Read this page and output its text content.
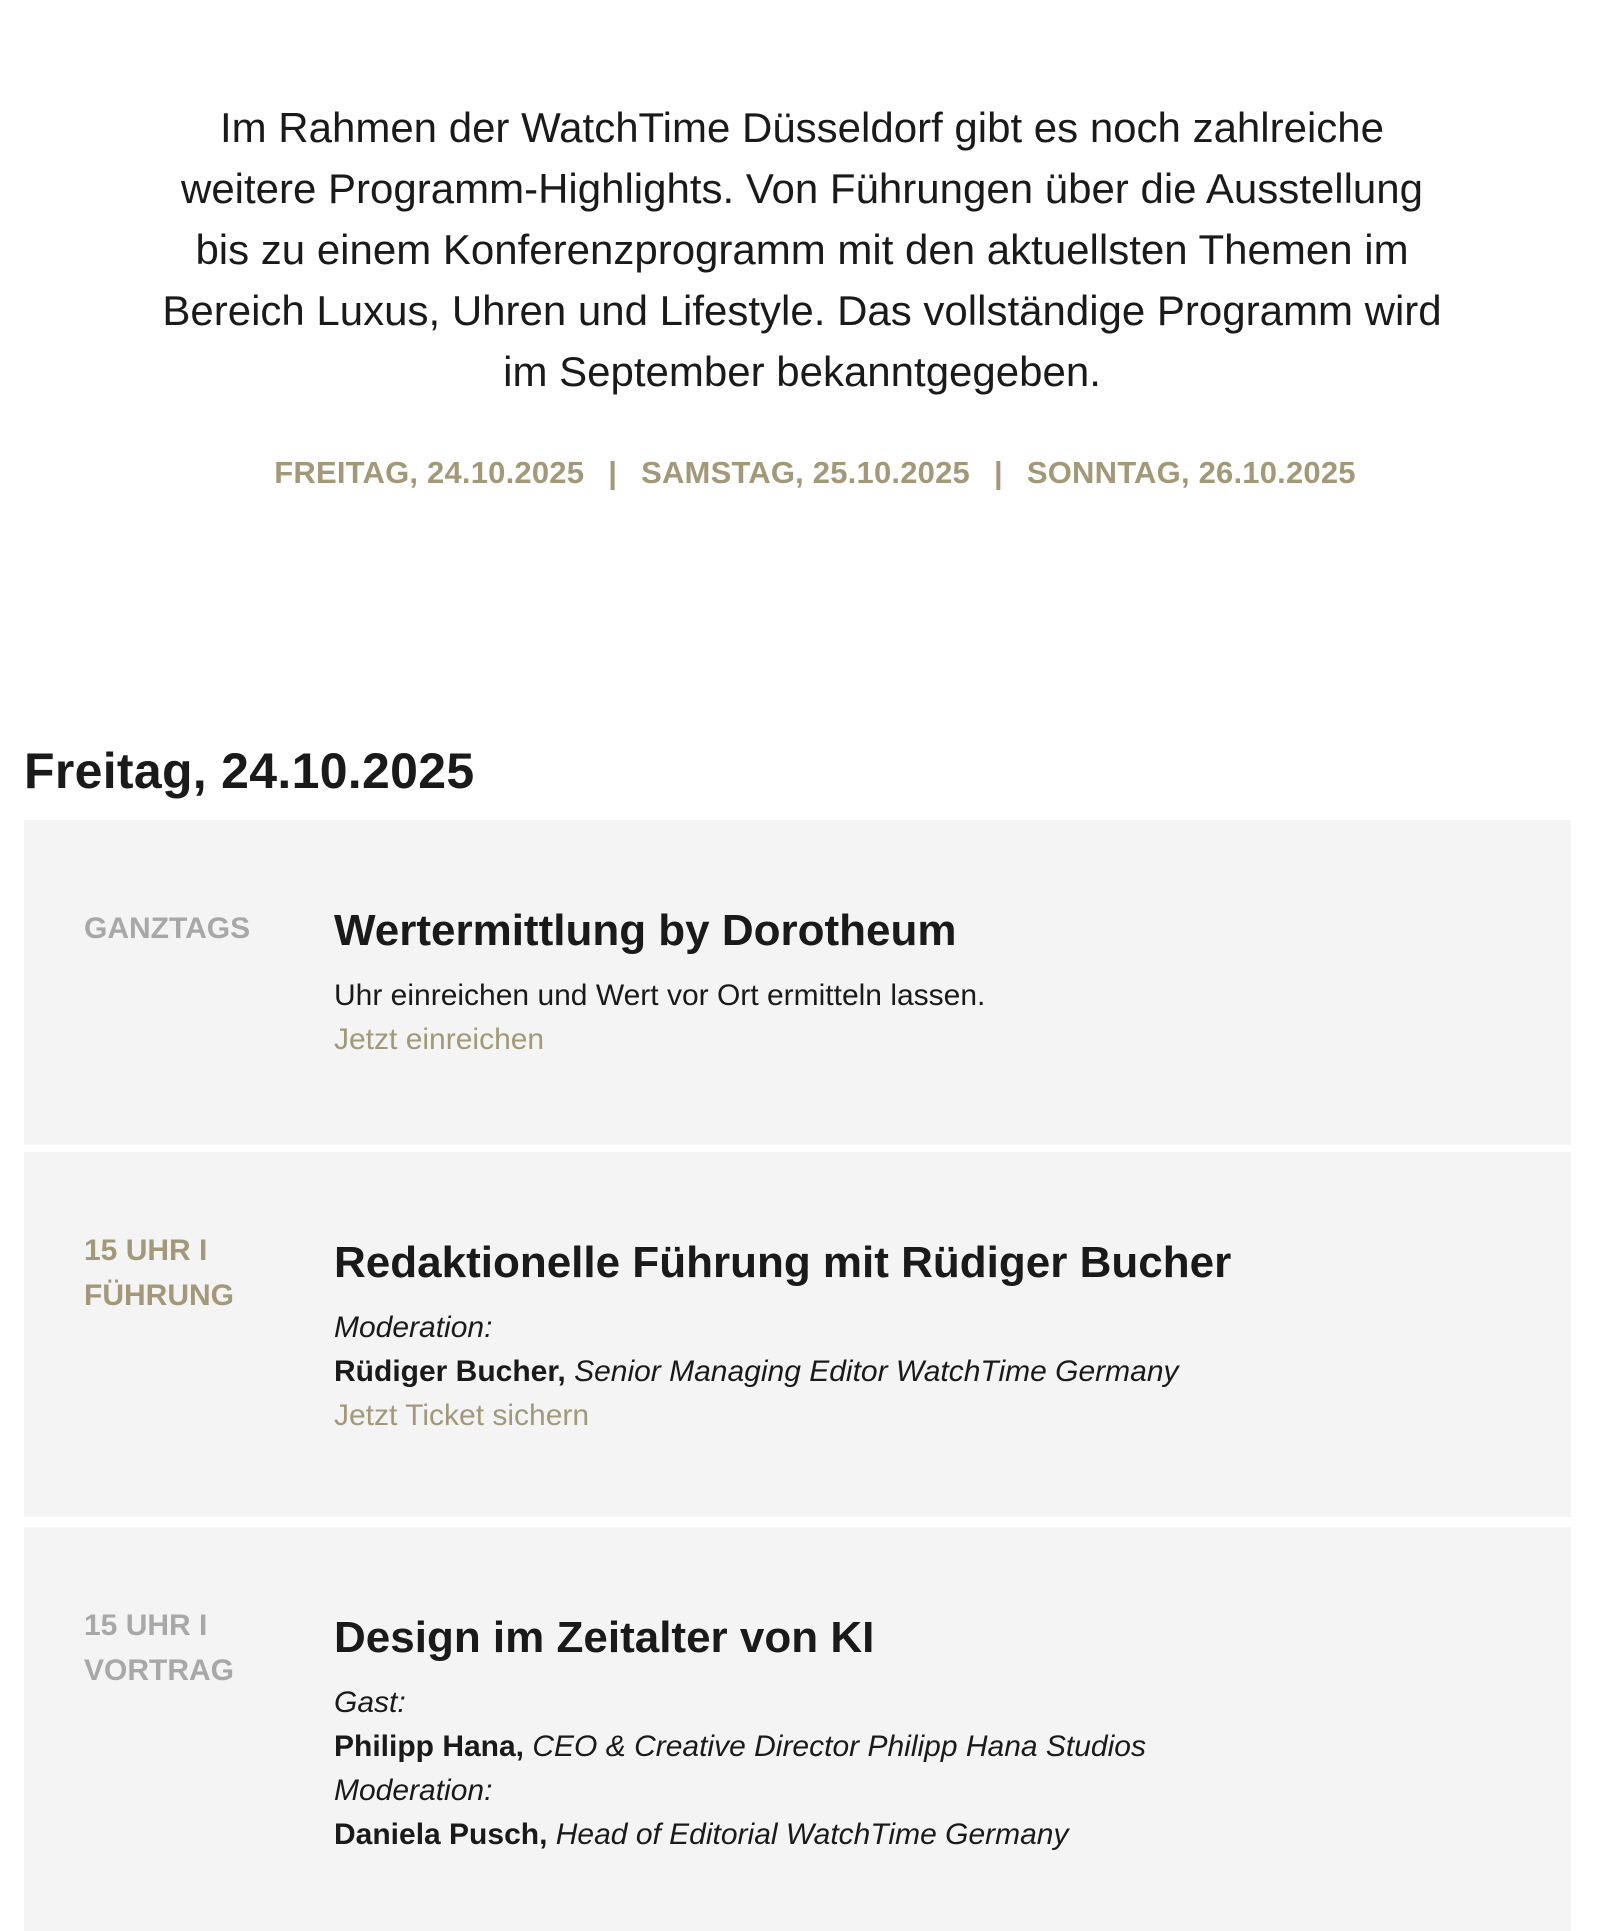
Im Rahmen der WatchTime Düsseldorf gibt es noch zahlreiche weitere Programm-Highlights. Von Führungen über die Ausstellung bis zu einem Konferenzprogramm mit den aktuellsten Themen im Bereich Luxus, Uhren und Lifestyle. Das vollständige Programm wird im September bekanntgegeben.

FREITAG, 24.10.2025 | SAMSTAG, 25.10.2025 | SONNTAG, 26.10.2025
Freitag, 24.10.2025
GANZTAGS	Wertermittlung by Dorotheum
Uhr einreichen und Wert vor Ort ermitteln lassen.
Jetzt einreichen
15 UHR I
FÜHRUNG
Redaktionelle Führung mit Rüdiger Bucher
Moderation:
Rüdiger Bucher, Senior Managing Editor WatchTime Germany
Jetzt Ticket sichern
15 UHR I
VORTRAG
Design im Zeitalter von KI
Gast:
Philipp Hana, CEO & Creative Director Philipp Hana Studios
Moderation:
Daniela Pusch, Head of Editorial WatchTime Germany
